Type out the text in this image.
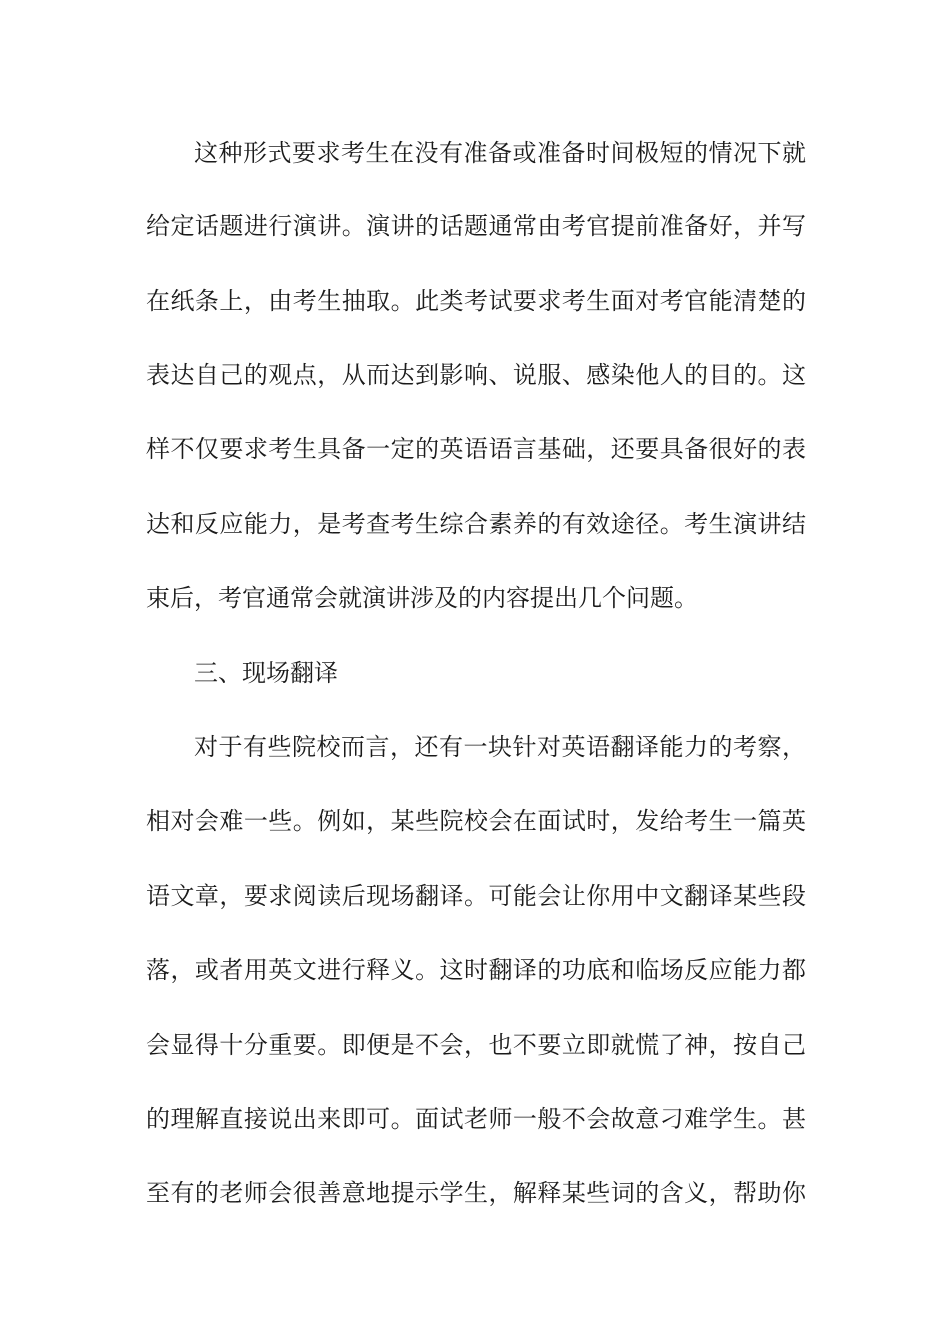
这种形式要求考生在没有准备或准备时间极短的情况下就
给定话题进行演讲。演讲的话题通常由考官提前准备好，并写
在纸条上，由考生抽取。此类考试要求考生面对考官能清楚的
表达自己的观点，从而达到影响、说服、感染他人的目的。这
样不仅要求考生具备一定的英语语言基础，还要具备很好的表
达和反应能力，是考查考生综合素养的有效途径。考生演讲结
束后，考官通常会就演讲涉及的内容提出几个问题。
三、现场翻译
对于有些院校而言，还有一块针对英语翻译能力的考察，
相对会难一些。例如，某些院校会在面试时，发给考生一篇英
语文章，要求阅读后现场翻译。可能会让你用中文翻译某些段
落，或者用英文进行释义。这时翻译的功底和临场反应能力都
会显得十分重要。即便是不会，也不要立即就慌了神，按自己
的理解直接说出来即可。面试老师一般不会故意刁难学生。甚
至有的老师会很善意地提示学生，解释某些词的含义，帮助你
